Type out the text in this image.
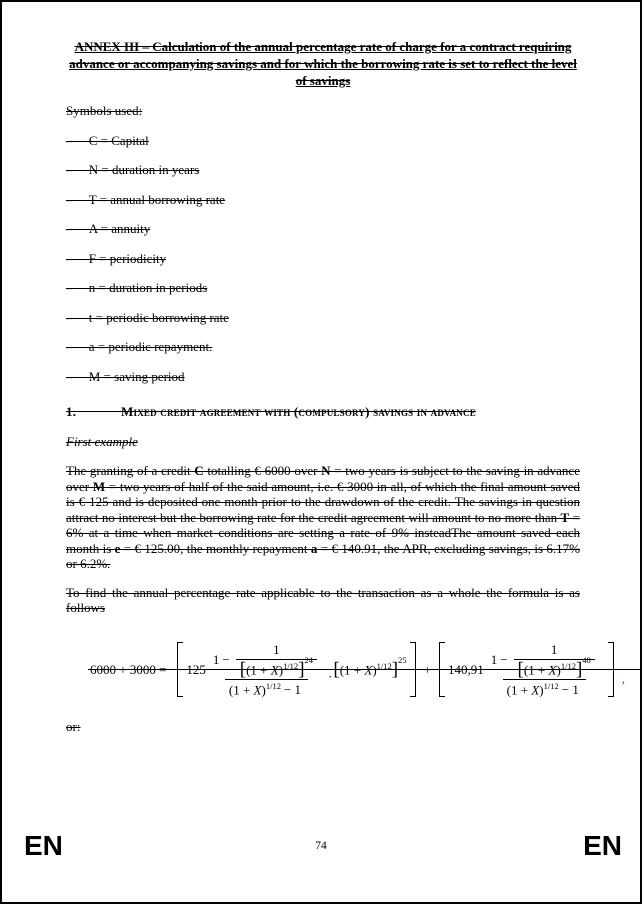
ANNEX III – Calculation of the annual percentage rate of charge for a contract requiring advance or accompanying savings and for which the borrowing rate is set to reflect the level of savings

Symbols used:

–     C = Capital

–     N = duration in years

–     T = annual borrowing rate

–     A = annuity

–     F = periodicity

–     n = duration in periods

–     t = periodic borrowing rate

–     a = periodic repayment.

–     M = saving period

1.	Mixed credit agreement with (compulsory) savings in advance

First example

The granting of a credit C totalling € 6000 over N = two years is subject to the saving in advance over M = two years of half of the said amount, i.e. € 3000 in all, of which the final amount saved is € 125 and is deposited one month prior to the drawdown of the credit. The savings in question attract no interest but the borrowing rate for the credit agreement will amount to no more than T = 6% at a time when market conditions are setting a rate of 9% insteadThe amount saved each month is e = € 125.00, the monthly repayment a = € 140.91, the APR, excluding savings, is 6.17% or 6.2%.

To find the annual percentage rate applicable to the transaction as a whole the formula is as follows

6000 + 3000 = 125
1 −
1
[ $(1 + X)^{1/12}$ ]$^{24}$
$(1 + X)^{1/12} - 1$
· [ $(1 + X)^{1/12}$ ]$^{25}$
+ 140,91
1 −
1
[ $(1 + X)^{1/12}$ ]$^{48}$
$(1 + X)^{1/12} - 1$
,

or:

EN	74	EN
